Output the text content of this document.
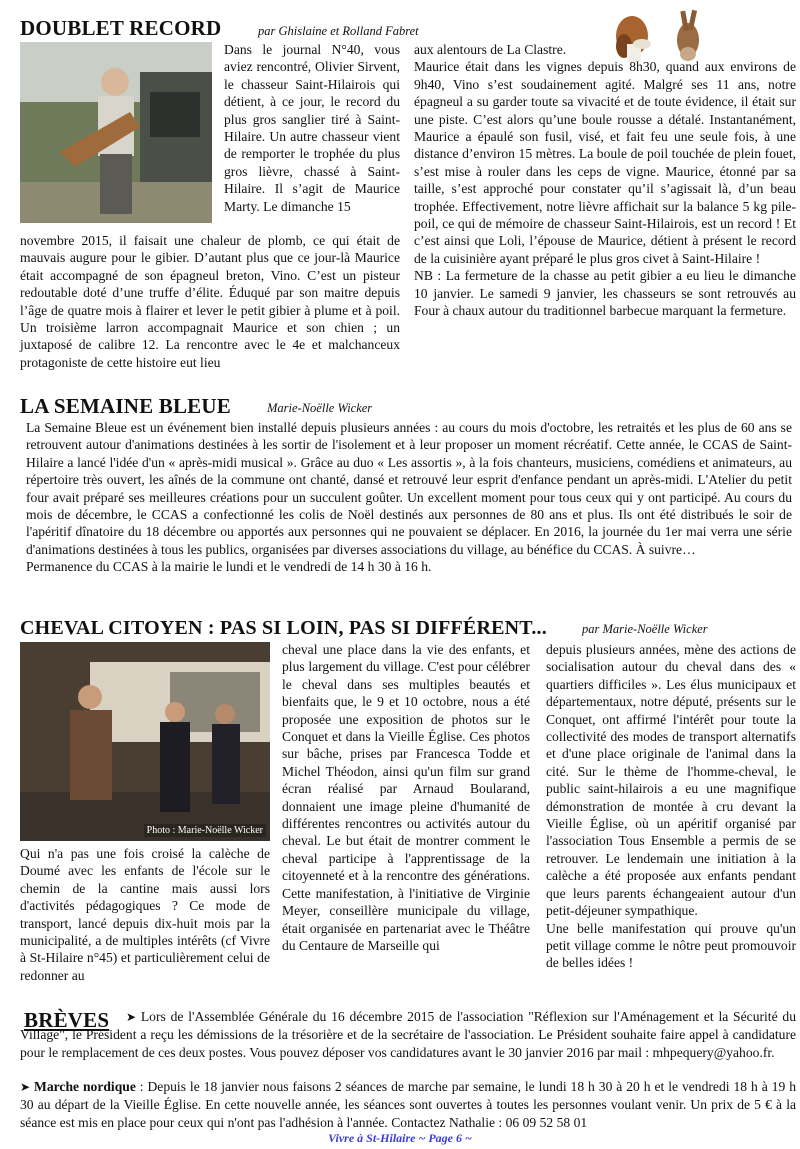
DOUBLET RECORD	par Ghislaine et Rolland Fabret
Dans le journal N°40, vous aviez rencontré, Olivier Sirvent, le chasseur Saint-Hilairois qui détient, à ce jour, le record du plus gros sanglier tiré à Saint-Hilaire. Un autre chasseur vient de remporter le trophée du plus gros lièvre, chassé à Saint-Hilaire. Il s’agit de Maurice Marty. Le dimanche 15

novembre 2015, il faisait une chaleur de plomb, ce qui était de mauvais augure pour le gibier. D’autant plus que ce jour-là Maurice était accompagné de son épagneul breton, Vino. C’est un pisteur redoutable doté d’une truffe d’élite. Éduqué par son maitre depuis l’âge de quatre mois à flairer et lever le petit gibier à plume et à poil. Un troisième larron accompagnait Maurice et son chien ; un juxtaposé de calibre 12. La rencontre avec le 4e et malchanceux protagoniste de cette histoire eut lieu

aux alentours de La Clastre.

Maurice était dans les vignes depuis 8h30, quand aux environs de 9h40, Vino s’est soudainement agité. Malgré ses 11 ans, notre épagneul a su garder toute sa vivacité et de toute évidence, il était sur une piste. C’est alors qu’une boule rousse a détalé. Instantanément, Maurice a épaulé son fusil, visé, et fait feu une seule fois, à une distance d’environ 15 mètres. La boule de poil touchée de plein fouet, s’est mise à rouler dans les ceps de vigne. Maurice, étonné par sa taille, s’est approché pour constater qu’il s’agissait là, d’un beau trophée. Effectivement, notre lièvre affichait sur la balance 5 kg pile-poil, ce qui de mémoire de chasseur Saint-Hilairois, est un record ! Et c’est ainsi que Loli, l’épouse de Maurice, détient à présent le record de la cuisinière ayant préparé le plus gros civet à Saint-Hilaire !

NB : La fermeture de la chasse au petit gibier a eu lieu le dimanche 10 janvier. Le samedi 9 janvier, les chasseurs se sont retrouvés au Four à chaux autour du traditionnel barbecue marquant la fermeture.

LA SEMAINE BLEUE	Marie-Noëlle Wicker

La Semaine Bleue est un événement bien installé depuis plusieurs années : au cours du mois d'octobre, les retraités et les plus de 60 ans se retrouvent autour d'animations destinées à les sortir de l'isolement et à leur proposer un moment récréatif. Cette année, le CCAS de Saint-Hilaire a lancé l'idée d'un « après-midi musical ». Grâce au duo « Les assortis », à la fois chanteurs, musiciens, comédiens et animateurs, au répertoire très ouvert, les aînés de la commune ont chanté, dansé et retrouvé leur esprit d'enfance pendant un après-midi. L'Atelier du petit four avait préparé ses meilleures créations pour un succulent goûter. Un excellent moment pour tous ceux qui y ont participé. Au cours du mois de décembre, le CCAS a confectionné les colis de Noël destinés aux personnes de 80 ans et plus. Ils ont été distribués le soir de l'apéritif dînatoire du 18 décembre ou apportés aux personnes qui ne pouvaient se déplacer. En 2016, la journée du 1er mai verra une série d'animations destinées à tous les publics, organisées par diverses associations du village, au bénéfice du CCAS. À suivre…

Permanence du CCAS à la mairie le lundi et le vendredi de 14 h 30 à 16 h.

CHEVAL CITOYEN : PAS SI LOIN, PAS SI DIFFÉRENT...	par Marie-Noëlle Wicker
Photo : Marie-Noëlle Wicker
Qui n'a pas une fois croisé la calèche de Doumé avec les enfants de l'école sur le chemin de la cantine mais aussi lors d'activités pédagogiques ? Ce mode de transport, lancé depuis dix-huit mois par la municipalité, a de multiples intérêts (cf Vivre à St-Hilaire n°45) et particulièrement celui de redonner au
cheval une place dans la vie des enfants, et plus largement du village. C'est pour célébrer le cheval dans ses multiples beautés et bienfaits que, le 9 et 10 octobre, nous a été proposée une exposition de photos sur le Conquet et dans la Vieille Église. Ces photos sur bâche, prises par Francesca Todde et Michel Théodon, ainsi qu'un film sur grand écran réalisé par Arnaud Boularand, donnaient une image pleine d'humanité de différentes rencontres ou activités autour du cheval. Le but était de montrer comment le cheval participe à l'apprentissage de la citoyenneté et à la rencontre des générations. Cette manifestation, à l'initiative de Virginie Meyer, conseillère municipale du village, était organisée en partenariat avec le Théâtre du Centaure de Marseille qui

depuis plusieurs années, mène des actions de socialisation autour du cheval dans des « quartiers difficiles ». Les élus municipaux et départementaux, notre député, présents sur le Conquet, ont affirmé l'intérêt pour toute la collectivité des modes de transport alternatifs et d'une place originale de l'animal dans la cité. Sur le thème de l'homme-cheval, le public saint-hilairois a eu une magnifique démonstration de montée à cru devant la Vieille Église, où un apéritif organisé par l'association Tous Ensemble a permis de se retrouver. Le lendemain une initiation à la calèche a été proposée aux enfants pendant que leurs parents échangeaient autour d'un petit-déjeuner sympathique.

Une belle manifestation qui prouve qu'un petit village comme le nôtre peut promouvoir de belles idées !

BRÈVES	➤ Lors de l'Assemblée Générale du 16 décembre 2015 de l'association "Réflexion sur l'Aménagement et la Sécurité du Village", le Président a reçu les démissions de la trésorière et de la secrétaire de l'association. Le Président souhaite faire appel à candidature pour le remplacement de ces deux postes. Vous pouvez déposer vos candidatures avant le 30 janvier 2016 par mail : mhpequery@yahoo.fr.
➤ Marche nordique : Depuis le 18 janvier nous faisons 2 séances de marche par semaine, le lundi 18 h 30 à 20 h et le vendredi 18 h à 19 h 30 au départ de la Vieille Église. En cette nouvelle année, les séances sont ouvertes à toutes les personnes voulant venir. Un prix de 5 € à la séance est mis en place pour ceux qui n'ont pas l'adhésion à l'année. Contactez Nathalie : 06 09 52 58 01
Vivre à St-Hilaire ~ Page 6 ~
